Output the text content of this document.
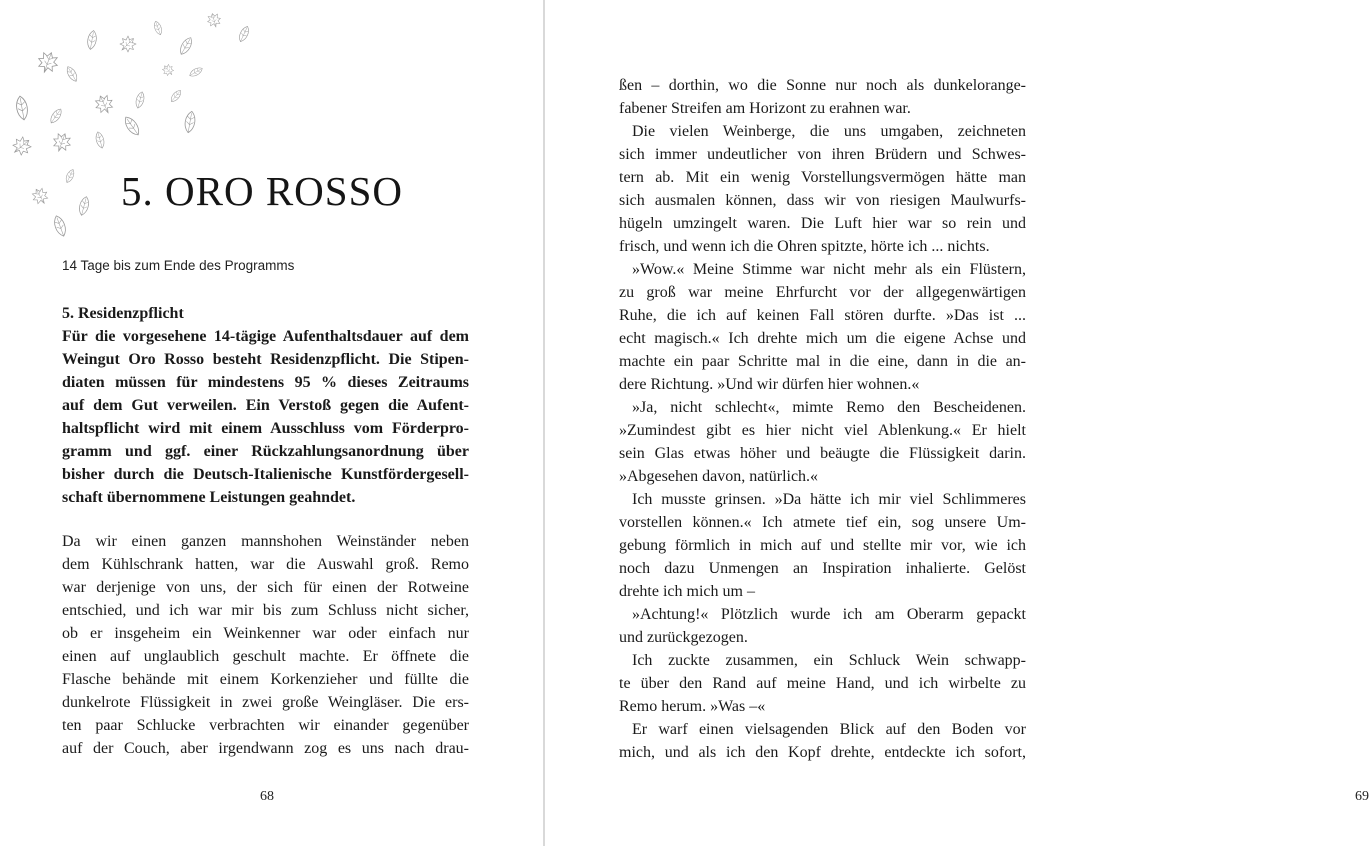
5. ORO ROSSO
14 Tage bis zum Ende des Programms
5. Residenzpflicht
Für die vorgesehene 14-tägige Aufenthaltsdauer auf dem
Weingut Oro Rosso besteht Residenzpflicht. Die Stipen-
diaten müssen für mindestens 95 % dieses Zeitraums
auf dem Gut verweilen. Ein Verstoß gegen die Aufent-
haltspflicht wird mit einem Ausschluss vom Förderpro-
gramm und ggf. einer Rückzahlungsanordnung über
bisher durch die Deutsch-Italienische Kunstfördergesell-
schaft übernommene Leistungen geahndet.
Da wir einen ganzen mannshohen Weinständer neben
dem Kühlschrank hatten, war die Auswahl groß. Remo
war derjenige von uns, der sich für einen der Rotweine
entschied, und ich war mir bis zum Schluss nicht sicher,
ob er insgeheim ein Weinkenner war oder einfach nur
einen auf unglaublich geschult machte. Er öffnete die
Flasche behände mit einem Korkenzieher und füllte die
dunkelrote Flüssigkeit in zwei große Weingläser. Die ers-
ten paar Schlucke verbrachten wir einander gegenüber
auf der Couch, aber irgendwann zog es uns nach drau-
68	69
ßen – dorthin, wo die Sonne nur noch als dunkelorange-
fabener Streifen am Horizont zu erahnen war.
Die vielen Weinberge, die uns umgaben, zeichneten
sich immer undeutlicher von ihren Brüdern und Schwes-
tern ab. Mit ein wenig Vorstellungsvermögen hätte man
sich ausmalen können, dass wir von riesigen Maulwurfs-
hügeln umzingelt waren. Die Luft hier war so rein und
frisch, und wenn ich die Ohren spitzte, hörte ich ... nichts.
»Wow.« Meine Stimme war nicht mehr als ein Flüstern,
zu groß war meine Ehrfurcht vor der allgegenwärtigen
Ruhe, die ich auf keinen Fall stören durfte. »Das ist ...
echt magisch.« Ich drehte mich um die eigene Achse und
machte ein paar Schritte mal in die eine, dann in die an-
dere Richtung. »Und wir dürfen hier wohnen.«
»Ja, nicht schlecht«, mimte Remo den Bescheidenen.
»Zumindest gibt es hier nicht viel Ablenkung.« Er hielt
sein Glas etwas höher und beäugte die Flüssigkeit darin.
»Abgesehen davon, natürlich.«
Ich musste grinsen. »Da hätte ich mir viel Schlimmeres
vorstellen können.« Ich atmete tief ein, sog unsere Um-
gebung förmlich in mich auf und stellte mir vor, wie ich
noch dazu Unmengen an Inspiration inhalierte. Gelöst
drehte ich mich um –
»Achtung!« Plötzlich wurde ich am Oberarm gepackt
und zurückgezogen.
Ich zuckte zusammen, ein Schluck Wein schwapp-
te über den Rand auf meine Hand, und ich wirbelte zu
Remo herum. »Was –«
Er warf einen vielsagenden Blick auf den Boden vor
mich, und als ich den Kopf drehte, entdeckte ich sofort,
